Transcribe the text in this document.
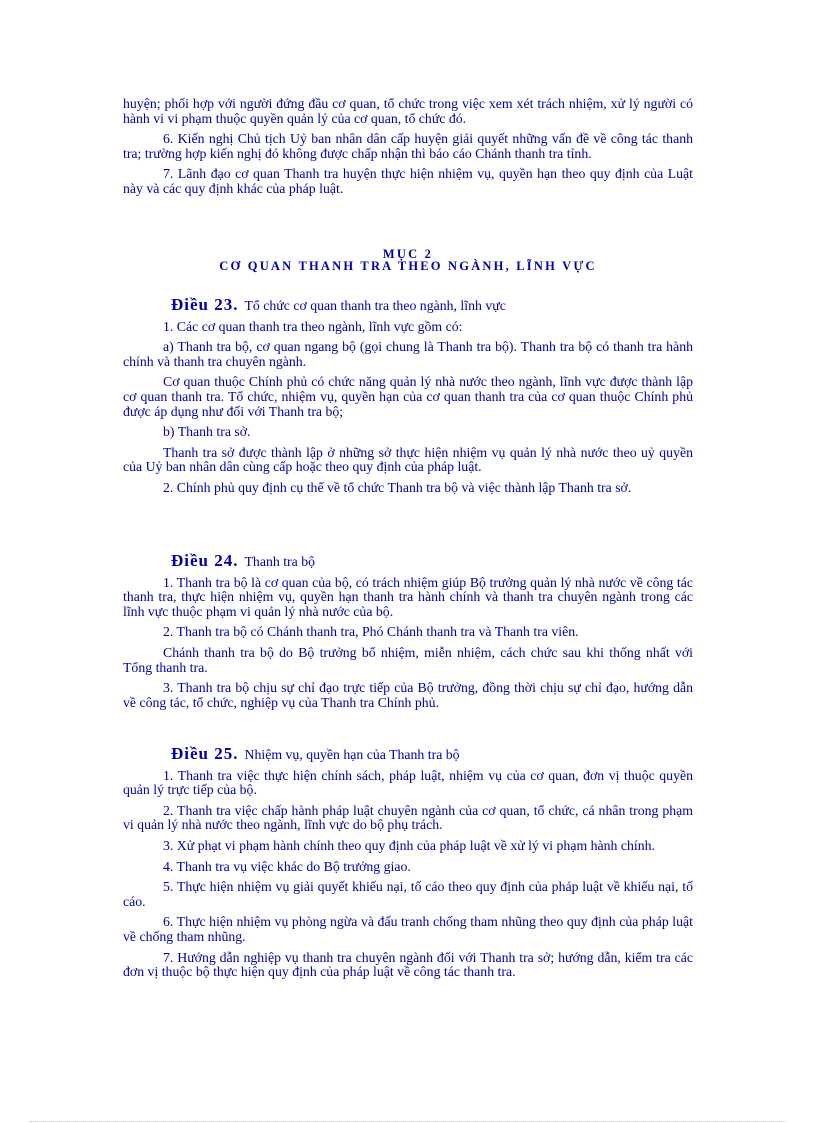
huyện; phối hợp với người đứng đầu cơ quan, tổ chức trong việc xem xét trách nhiệm, xử lý người có hành vi vi phạm thuộc quyền quản lý của cơ quan, tổ chức đó.

6. Kiến nghị Chủ tịch Uỷ ban nhân dân cấp huyện giải quyết những vấn đề về công tác thanh tra; trường hợp kiến nghị đó không được chấp nhận thì báo cáo Chánh thanh tra tỉnh.

7. Lãnh đạo cơ quan Thanh tra huyện thực hiện nhiệm vụ, quyền hạn theo quy định của Luật này và các quy định khác của pháp luật.

MỤC 2
CƠ QUAN THANH TRA THEO NGÀNH, LĨNH VỰC

Điều 23. Tổ chức cơ quan thanh tra theo ngành, lĩnh vực

1. Các cơ quan thanh tra theo ngành, lĩnh vực gồm có:

a) Thanh tra bộ, cơ quan ngang bộ (gọi chung là Thanh tra bộ). Thanh tra bộ có thanh tra hành chính và thanh tra chuyên ngành.

Cơ quan thuộc Chính phủ có chức năng quản lý nhà nước theo ngành, lĩnh vực được thành lập cơ quan thanh tra. Tổ chức, nhiệm vụ, quyền hạn của cơ quan thanh tra của cơ quan thuộc Chính phủ được áp dụng như đối với Thanh tra bộ;

b) Thanh tra sở.

Thanh tra sở được thành lập ở những sở thực hiện nhiệm vụ quản lý nhà nước theo uỷ quyền của Uỷ ban nhân dân cùng cấp hoặc theo quy định của pháp luật.

2. Chính phủ quy định cụ thể về tổ chức Thanh tra bộ và việc thành lập Thanh tra sở.

Điều 24. Thanh tra bộ

1. Thanh tra bộ là cơ quan của bộ, có trách nhiệm giúp Bộ trưởng quản lý nhà nước về công tác thanh tra, thực hiện nhiệm vụ, quyền hạn thanh tra hành chính và thanh tra chuyên ngành trong các lĩnh vực thuộc phạm vi quản lý nhà nước của bộ.

2. Thanh tra bộ có Chánh thanh tra, Phó Chánh thanh tra và Thanh tra viên.

Chánh thanh tra bộ do Bộ trưởng bổ nhiệm, miễn nhiệm, cách chức sau khi thống nhất với Tổng thanh tra.

3. Thanh tra bộ chịu sự chỉ đạo trực tiếp của Bộ trưởng, đồng thời chịu sự chỉ đạo, hướng dẫn về công tác, tổ chức, nghiệp vụ của Thanh tra Chính phủ.

Điều 25. Nhiệm vụ, quyền hạn của Thanh tra bộ

1. Thanh tra việc thực hiện chính sách, pháp luật, nhiệm vụ của cơ quan, đơn vị thuộc quyền quản lý trực tiếp của bộ.

2. Thanh tra việc chấp hành pháp luật chuyên ngành của cơ quan, tổ chức, cá nhân trong phạm vi quản lý nhà nước theo ngành, lĩnh vực do bộ phụ trách.

3. Xử phạt vi phạm hành chính theo quy định của pháp luật về xử lý vi phạm hành chính.

4. Thanh tra vụ việc khác do Bộ trưởng giao.

5. Thực hiện nhiệm vụ giải quyết khiếu nại, tố cáo theo quy định của pháp luật về khiếu nại, tố cáo.

6. Thực hiện nhiệm vụ phòng ngừa và đấu tranh chống tham nhũng theo quy định của pháp luật về chống tham nhũng.

7. Hướng dẫn nghiệp vụ thanh tra chuyên ngành đối với Thanh tra sở; hướng dẫn, kiểm tra các đơn vị thuộc bộ thực hiện quy định của pháp luật về công tác thanh tra.
